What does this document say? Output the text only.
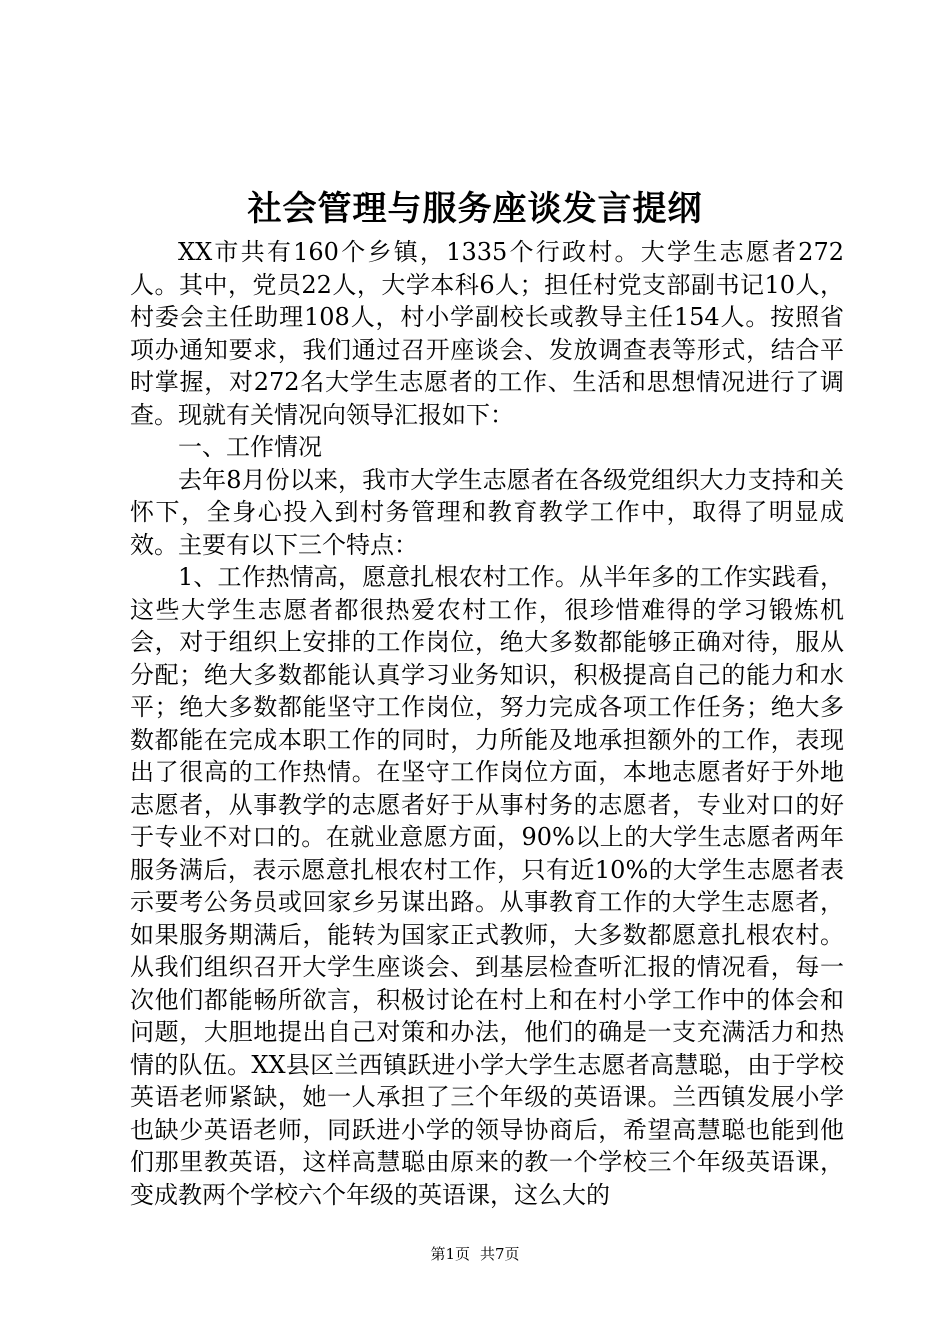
社会管理与服务座谈发言提纲

XX市共有160个乡镇，1335个行政村。大学生志愿者272人。其中，党员22人，大学本科6人；担任村党支部副书记10人，村委会主任助理108人，村小学副校长或教导主任154人。按照省项办通知要求，我们通过召开座谈会、发放调查表等形式，结合平时掌握，对272名大学生志愿者的工作、生活和思想情况进行了调查。现就有关情况向领导汇报如下：

一、工作情况

去年8月份以来，我市大学生志愿者在各级党组织大力支持和关怀下，全身心投入到村务管理和教育教学工作中，取得了明显成效。主要有以下三个特点：

1、工作热情高，愿意扎根农村工作。从半年多的工作实践看，这些大学生志愿者都很热爱农村工作，很珍惜难得的学习锻炼机会，对于组织上安排的工作岗位，绝大多数都能够正确对待，服从分配；绝大多数都能认真学习业务知识，积极提高自己的能力和水平；绝大多数都能坚守工作岗位，努力完成各项工作任务；绝大多数都能在完成本职工作的同时，力所能及地承担额外的工作，表现出了很高的工作热情。在坚守工作岗位方面，本地志愿者好于外地志愿者，从事教学的志愿者好于从事村务的志愿者，专业对口的好于专业不对口的。在就业意愿方面，90%以上的大学生志愿者两年服务满后，表示愿意扎根农村工作，只有近10%的大学生志愿者表示要考公务员或回家乡另谋出路。从事教育工作的大学生志愿者，如果服务期满后，能转为国家正式教师，大多数都愿意扎根农村。从我们组织召开大学生座谈会、到基层检查听汇报的情况看，每一次他们都能畅所欲言，积极讨论在村上和在村小学工作中的体会和问题，大胆地提出自己对策和办法，他们的确是一支充满活力和热情的队伍。XX县区兰西镇跃进小学大学生志愿者高慧聪，由于学校英语老师紧缺，她一人承担了三个年级的英语课。兰西镇发展小学也缺少英语老师，同跃进小学的领导协商后，希望高慧聪也能到他们那里教英语，这样高慧聪由原来的教一个学校三个年级英语课，变成教两个学校六个年级的英语课，这么大的

第1页 共7页
